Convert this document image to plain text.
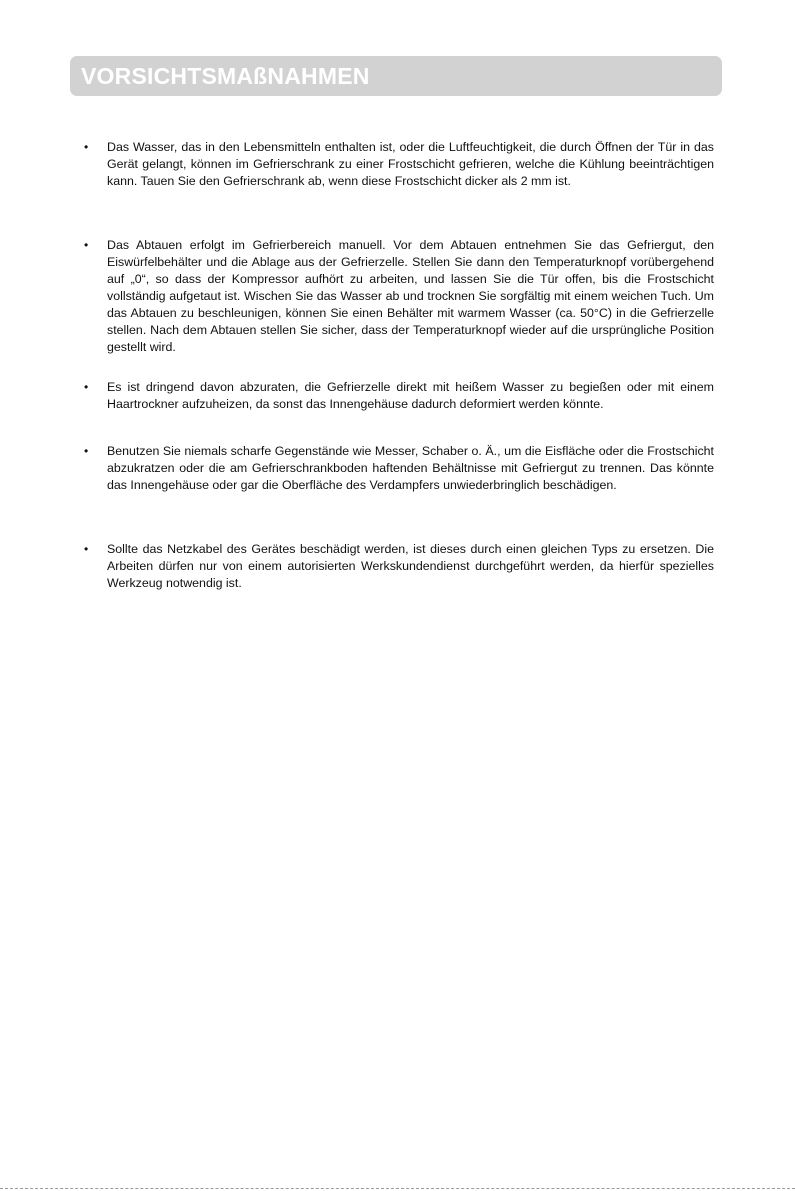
VORSICHTSMAßNAHMEN
• Das Wasser, das in den Lebensmitteln enthalten ist, oder die Luftfeuchtigkeit, die durch Öffnen der Tür in das Gerät gelangt, können im Gefrierschrank zu einer Frostschicht gefrieren, welche die Kühlung beeinträchtigen kann. Tauen Sie den Gefrierschrank ab, wenn diese Frostschicht dicker als 2 mm ist.
• Das Abtauen erfolgt im Gefrierbereich manuell. Vor dem Abtauen entnehmen Sie das Gefriergut, den Eiswürfelbehälter und die Ablage aus der Gefrierzelle. Stellen Sie dann den Temperaturknopf vorübergehend auf „0“, so dass der Kompressor aufhört zu arbeiten, und lassen Sie die Tür offen, bis die Frostschicht vollständig aufgetaut ist. Wischen Sie das Wasser ab und trocknen Sie sorgfältig mit einem weichen Tuch. Um das Abtauen zu beschleunigen, können Sie einen Behälter mit warmem Wasser (ca. 50°C) in die Gefrierzelle stellen. Nach dem Abtauen stellen Sie sicher, dass der Temperaturknopf wieder auf die ursprüngliche Position gestellt wird.
• Es ist dringend davon abzuraten, die Gefrierzelle direkt mit heißem Wasser zu begießen oder mit einem Haartrockner aufzuheizen, da sonst das Innengehäuse dadurch deformiert werden könnte.
• Benutzen Sie niemals scharfe Gegenstände wie Messer, Schaber o. Ä., um die Eisfläche oder die Frostschicht abzukratzen oder die am Gefrierschrankboden haftenden Behältnisse mit Gefriergut zu trennen. Das könnte das Innengehäuse oder gar die Oberfläche des Verdampfers unwiederbringlich beschädigen.
• Sollte das Netzkabel des Gerätes beschädigt werden, ist dieses durch einen gleichen Typs zu ersetzen. Die Arbeiten dürfen nur von einem autorisierten Werkskundendienst durchgeführt werden, da hierfür spezielles Werkzeug notwendig ist.
